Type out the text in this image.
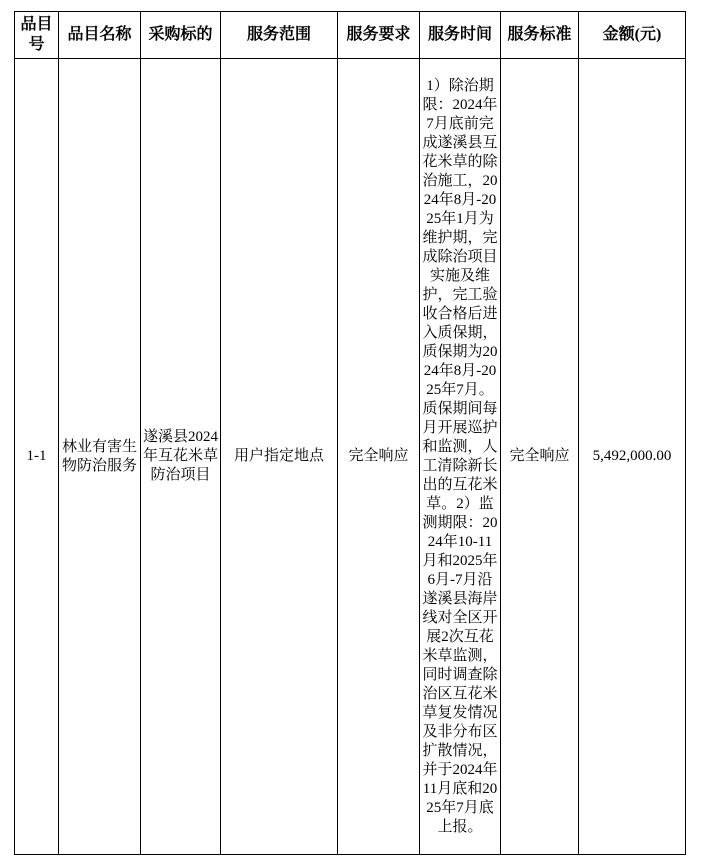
品目号	品目名称	采购标的	服务范围	服务要求	服务时间	服务标准	金额(元)
1-1	林业有害生物防治服务	遂溪县2024年互花米草防治项目	用户指定地点	完全响应	1）除治期限：2024年7月底前完成遂溪县互花米草的除治施工，2024年8月-2025年1月为维护期，完成除治项目实施及维护，完工验收合格后进入质保期，质保期为2024年8月-2025年7月。质保期间每月开展巡护和监测，人工清除新长出的互花米草。2）监测期限：2024年10-11月和2025年6月-7月沿遂溪县海岸线对全区开展2次互花米草监测，同时调查除治区互花米草复发情况及非分布区扩散情况，并于2024年11月底和2025年7月底上报。	完全响应	5,492,000.00
